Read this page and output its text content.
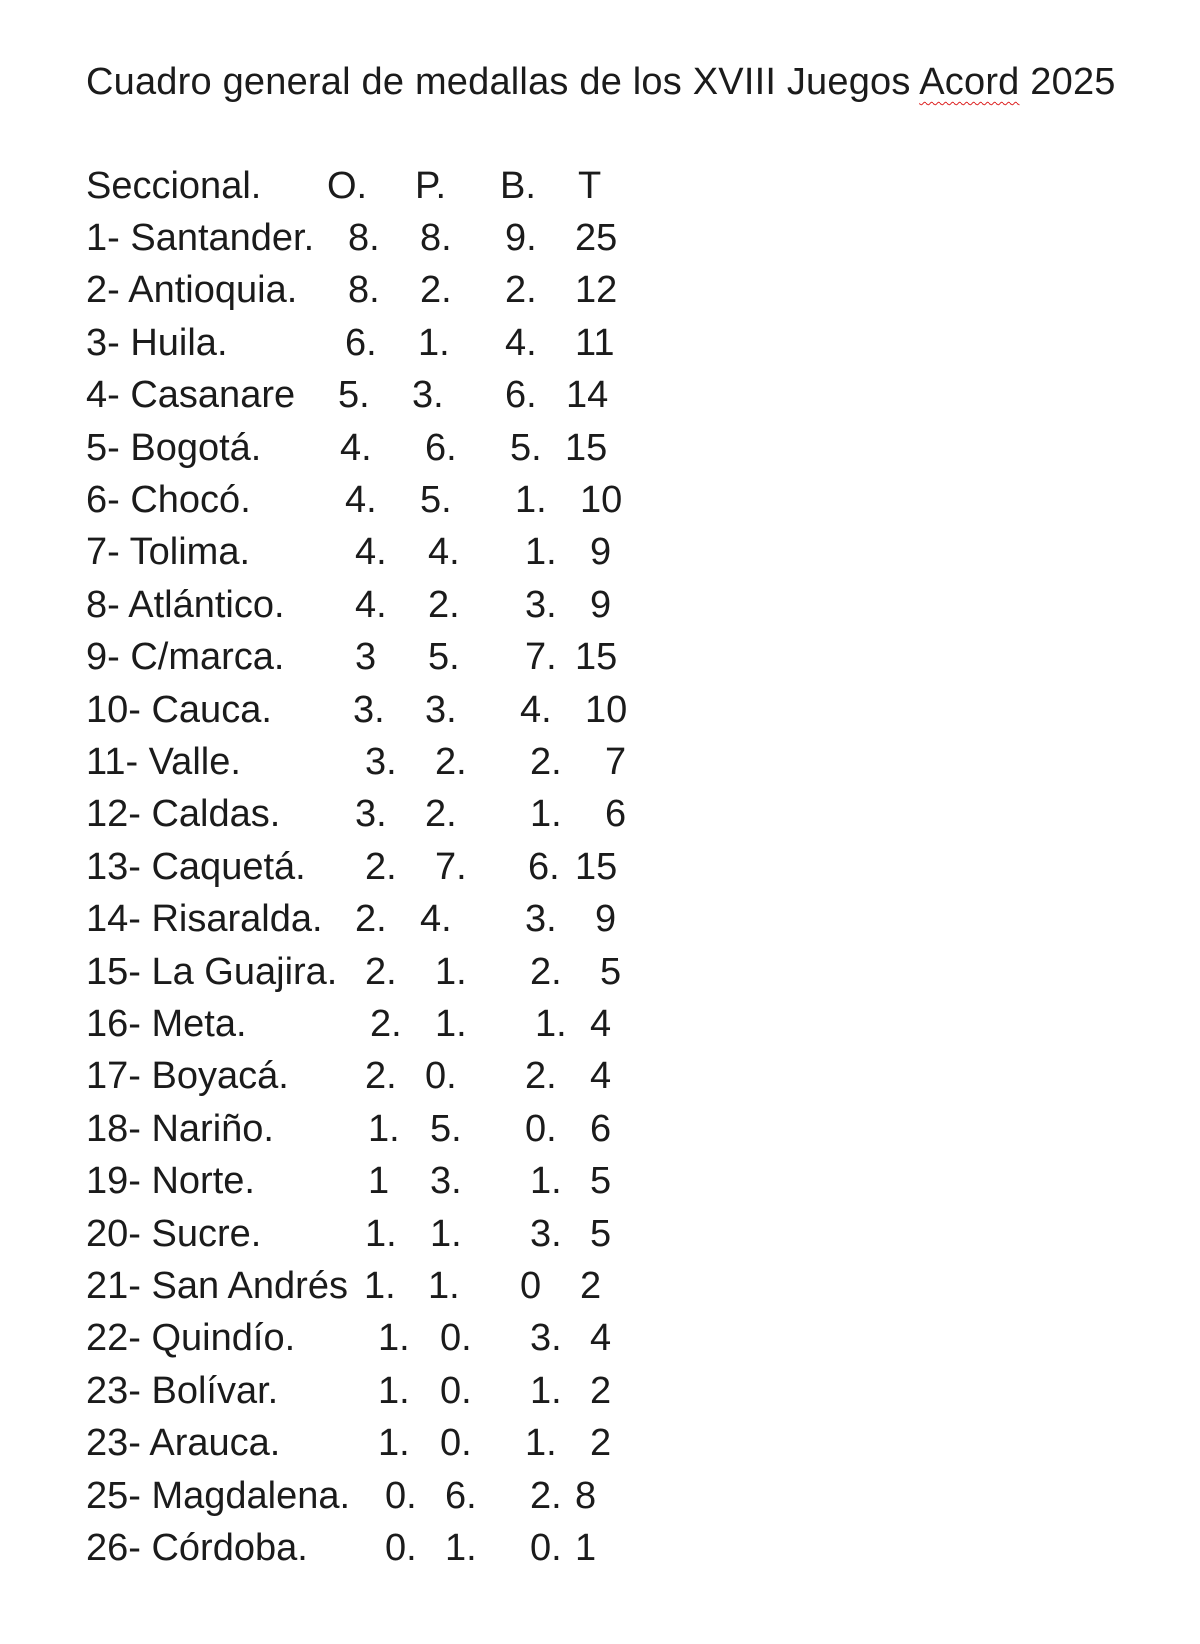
Cuadro general de medallas de los XVIII Juegos Acord 2025
Seccional. O. P. B. T
1- Santander. 8. 8. 9. 25
2- Antioquia. 8. 2. 2. 12
3- Huila.	6. 1. 4. 11
4- Casanare 5. 3. 6. 14
5- Bogotá. 4. 6. 5. 15
6- Chocó. 4. 5. 1. 10
7- Tolima.	4. 4. 1. 9
8- Atlántico. 4. 2. 3. 9
9- C/marca. 3 5. 7. 15
10- Cauca. 3. 3. 4. 10
11- Valle.	3. 2. 2. 7
12- Caldas. 3. 2. 1. 6
13- Caquetá. 2. 7. 6. 15
14- Risaralda. 2. 4. 3. 9
15- La Guajira. 2. 1. 2. 5
16- Meta.	2. 1. 1. 4
17- Boyacá. 2. 0. 2. 4
18- Nariño. 1. 5. 0. 6
19- Norte.	1 3. 1. 5
20- Sucre.	1. 1. 3. 5
21- San Andrés 1. 1. 0 2
22- Quindío. 1. 0. 3. 4
23- Bolívar.	1. 0. 1. 2
23- Arauca.	1. 0. 1. 2
25- Magdalena. 0. 6. 2. 8
26- Córdoba. 0. 1. 0. 1
